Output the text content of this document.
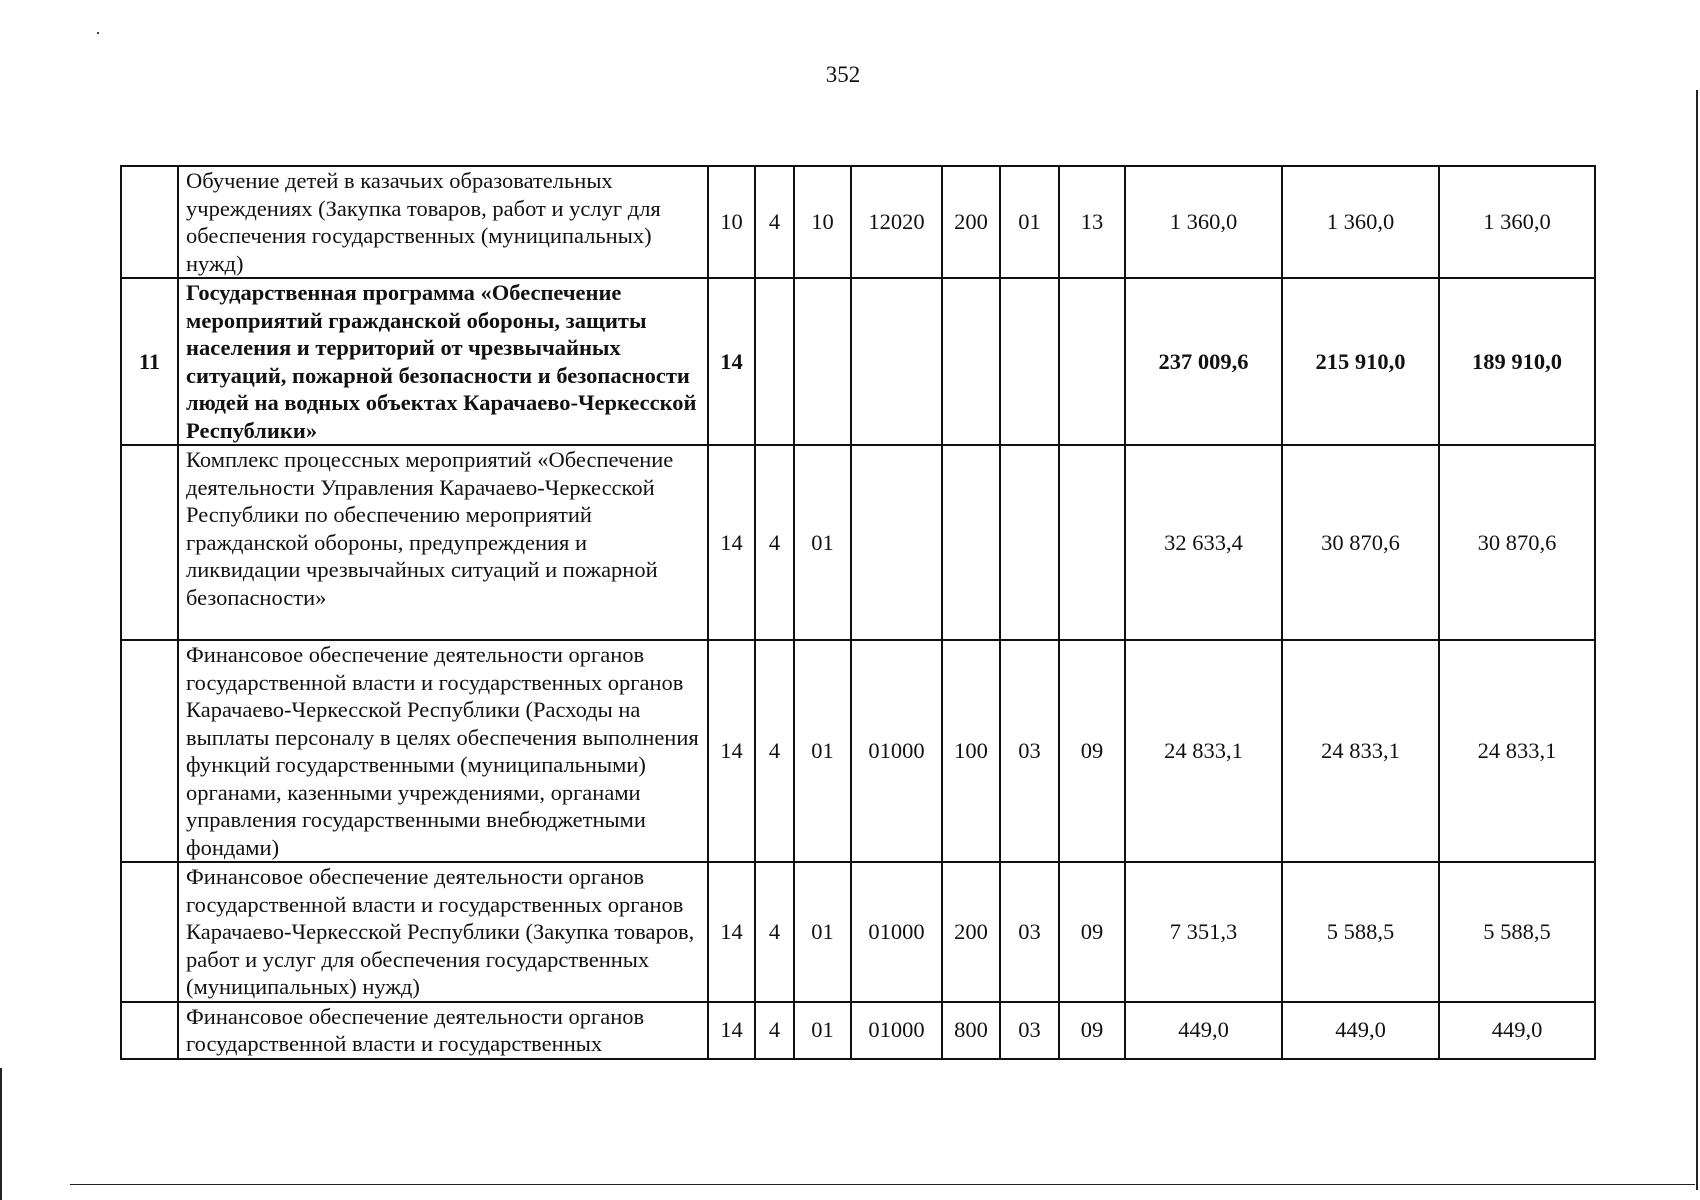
352
	Обучение детей в казачьих образовательных учреждениях (Закупка товаров, работ и услуг для обеспечения государственных (муниципальных) нужд)	10	4	10	12020	200	01	13	1 360,0	1 360,0	1 360,0
11	Государственная программа «Обеспечение мероприятий гражданской обороны, защиты населения и территорий от чрезвычайных ситуаций, пожарной безопасности и безопасности людей на водных объектах Карачаево-Черкесской Республики»	14							237 009,6	215 910,0	189 910,0
	Комплекс процессных мероприятий «Обеспечение деятельности Управления Карачаево-Черкесской Республики по обеспечению мероприятий гражданской обороны, предупреждения и ликвидации чрезвычайных ситуаций и пожарной безопасности»	14	4	01					32 633,4	30 870,6	30 870,6
	Финансовое обеспечение деятельности органов государственной власти и государственных органов Карачаево-Черкесской Республики (Расходы на выплаты персоналу в целях обеспечения выполнения функций государственными (муниципальными) органами, казенными учреждениями, органами управления государственными внебюджетными фондами)	14	4	01	01000	100	03	09	24 833,1	24 833,1	24 833,1
	Финансовое обеспечение деятельности органов государственной власти и государственных органов Карачаево-Черкесской Республики (Закупка товаров, работ и услуг для обеспечения государственных (муниципальных) нужд)	14	4	01	01000	200	03	09	7 351,3	5 588,5	5 588,5
	Финансовое обеспечение деятельности органов государственной власти и государственных	14	4	01	01000	800	03	09	449,0	449,0	449,0
